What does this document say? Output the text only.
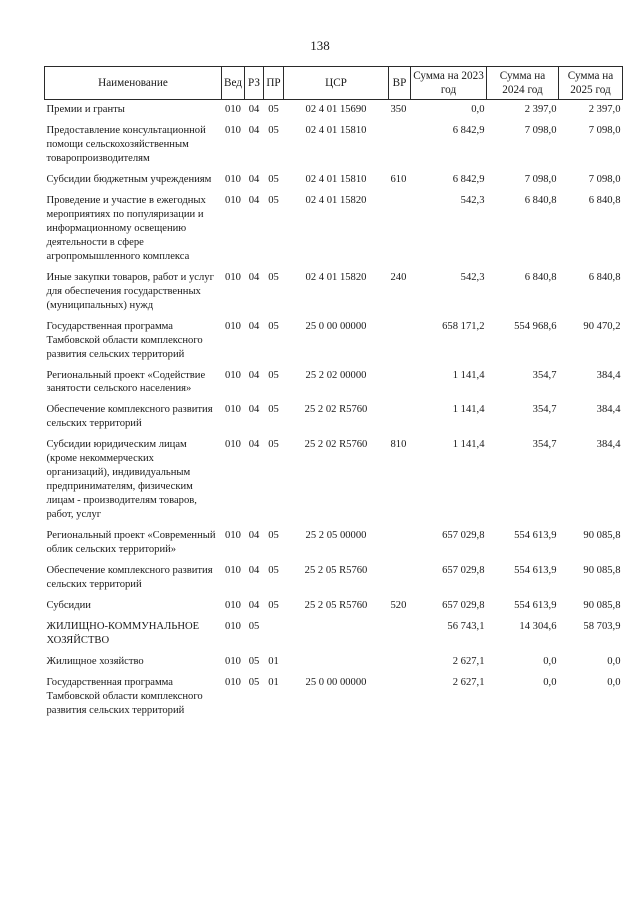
138
Наименование	Вед	РЗ	ПР	ЦСР	ВР	Сумма на 2023 год	Сумма на 2024 год	Сумма на 2025 год
Премии и гранты	010	04	05	02 4 01 15690	350	0,0	2 397,0	2 397,0
Предоставление консультационной помощи сельскохозяйственным товаропроизводителям	010	04	05	02 4 01 15810		6 842,9	7 098,0	7 098,0
Субсидии бюджетным учреждениям	010	04	05	02 4 01 15810	610	6 842,9	7 098,0	7 098,0
Проведение и участие в ежегодных мероприятиях по популяризации и информационному освещению деятельности в сфере агропромышленного комплекса	010	04	05	02 4 01 15820		542,3	6 840,8	6 840,8
Иные закупки товаров, работ и услуг для обеспечения государственных (муниципальных) нужд	010	04	05	02 4 01 15820	240	542,3	6 840,8	6 840,8
Государственная программа Тамбовской области комплексного развития сельских территорий	010	04	05	25 0 00 00000		658 171,2	554 968,6	90 470,2
Региональный проект «Содействие занятости сельского населения»	010	04	05	25 2 02 00000		1 141,4	354,7	384,4
Обеспечение комплексного развития сельских территорий	010	04	05	25 2 02 R5760		1 141,4	354,7	384,4
Субсидии юридическим лицам (кроме некоммерческих организаций), индивидуальным предпринимателям, физическим лицам - производителям товаров, работ, услуг	010	04	05	25 2 02 R5760	810	1 141,4	354,7	384,4
Региональный проект «Современный облик сельских территорий»	010	04	05	25 2 05 00000		657 029,8	554 613,9	90 085,8
Обеспечение комплексного развития сельских территорий	010	04	05	25 2 05 R5760		657 029,8	554 613,9	90 085,8
Субсидии	010	04	05	25 2 05 R5760	520	657 029,8	554 613,9	90 085,8
ЖИЛИЩНО-КОММУНАЛЬНОЕ ХОЗЯЙСТВО	010	05				56 743,1	14 304,6	58 703,9
Жилищное хозяйство	010	05	01			2 627,1	0,0	0,0
Государственная программа Тамбовской области комплексного развития сельских территорий	010	05	01	25 0 00 00000		2 627,1	0,0	0,0
